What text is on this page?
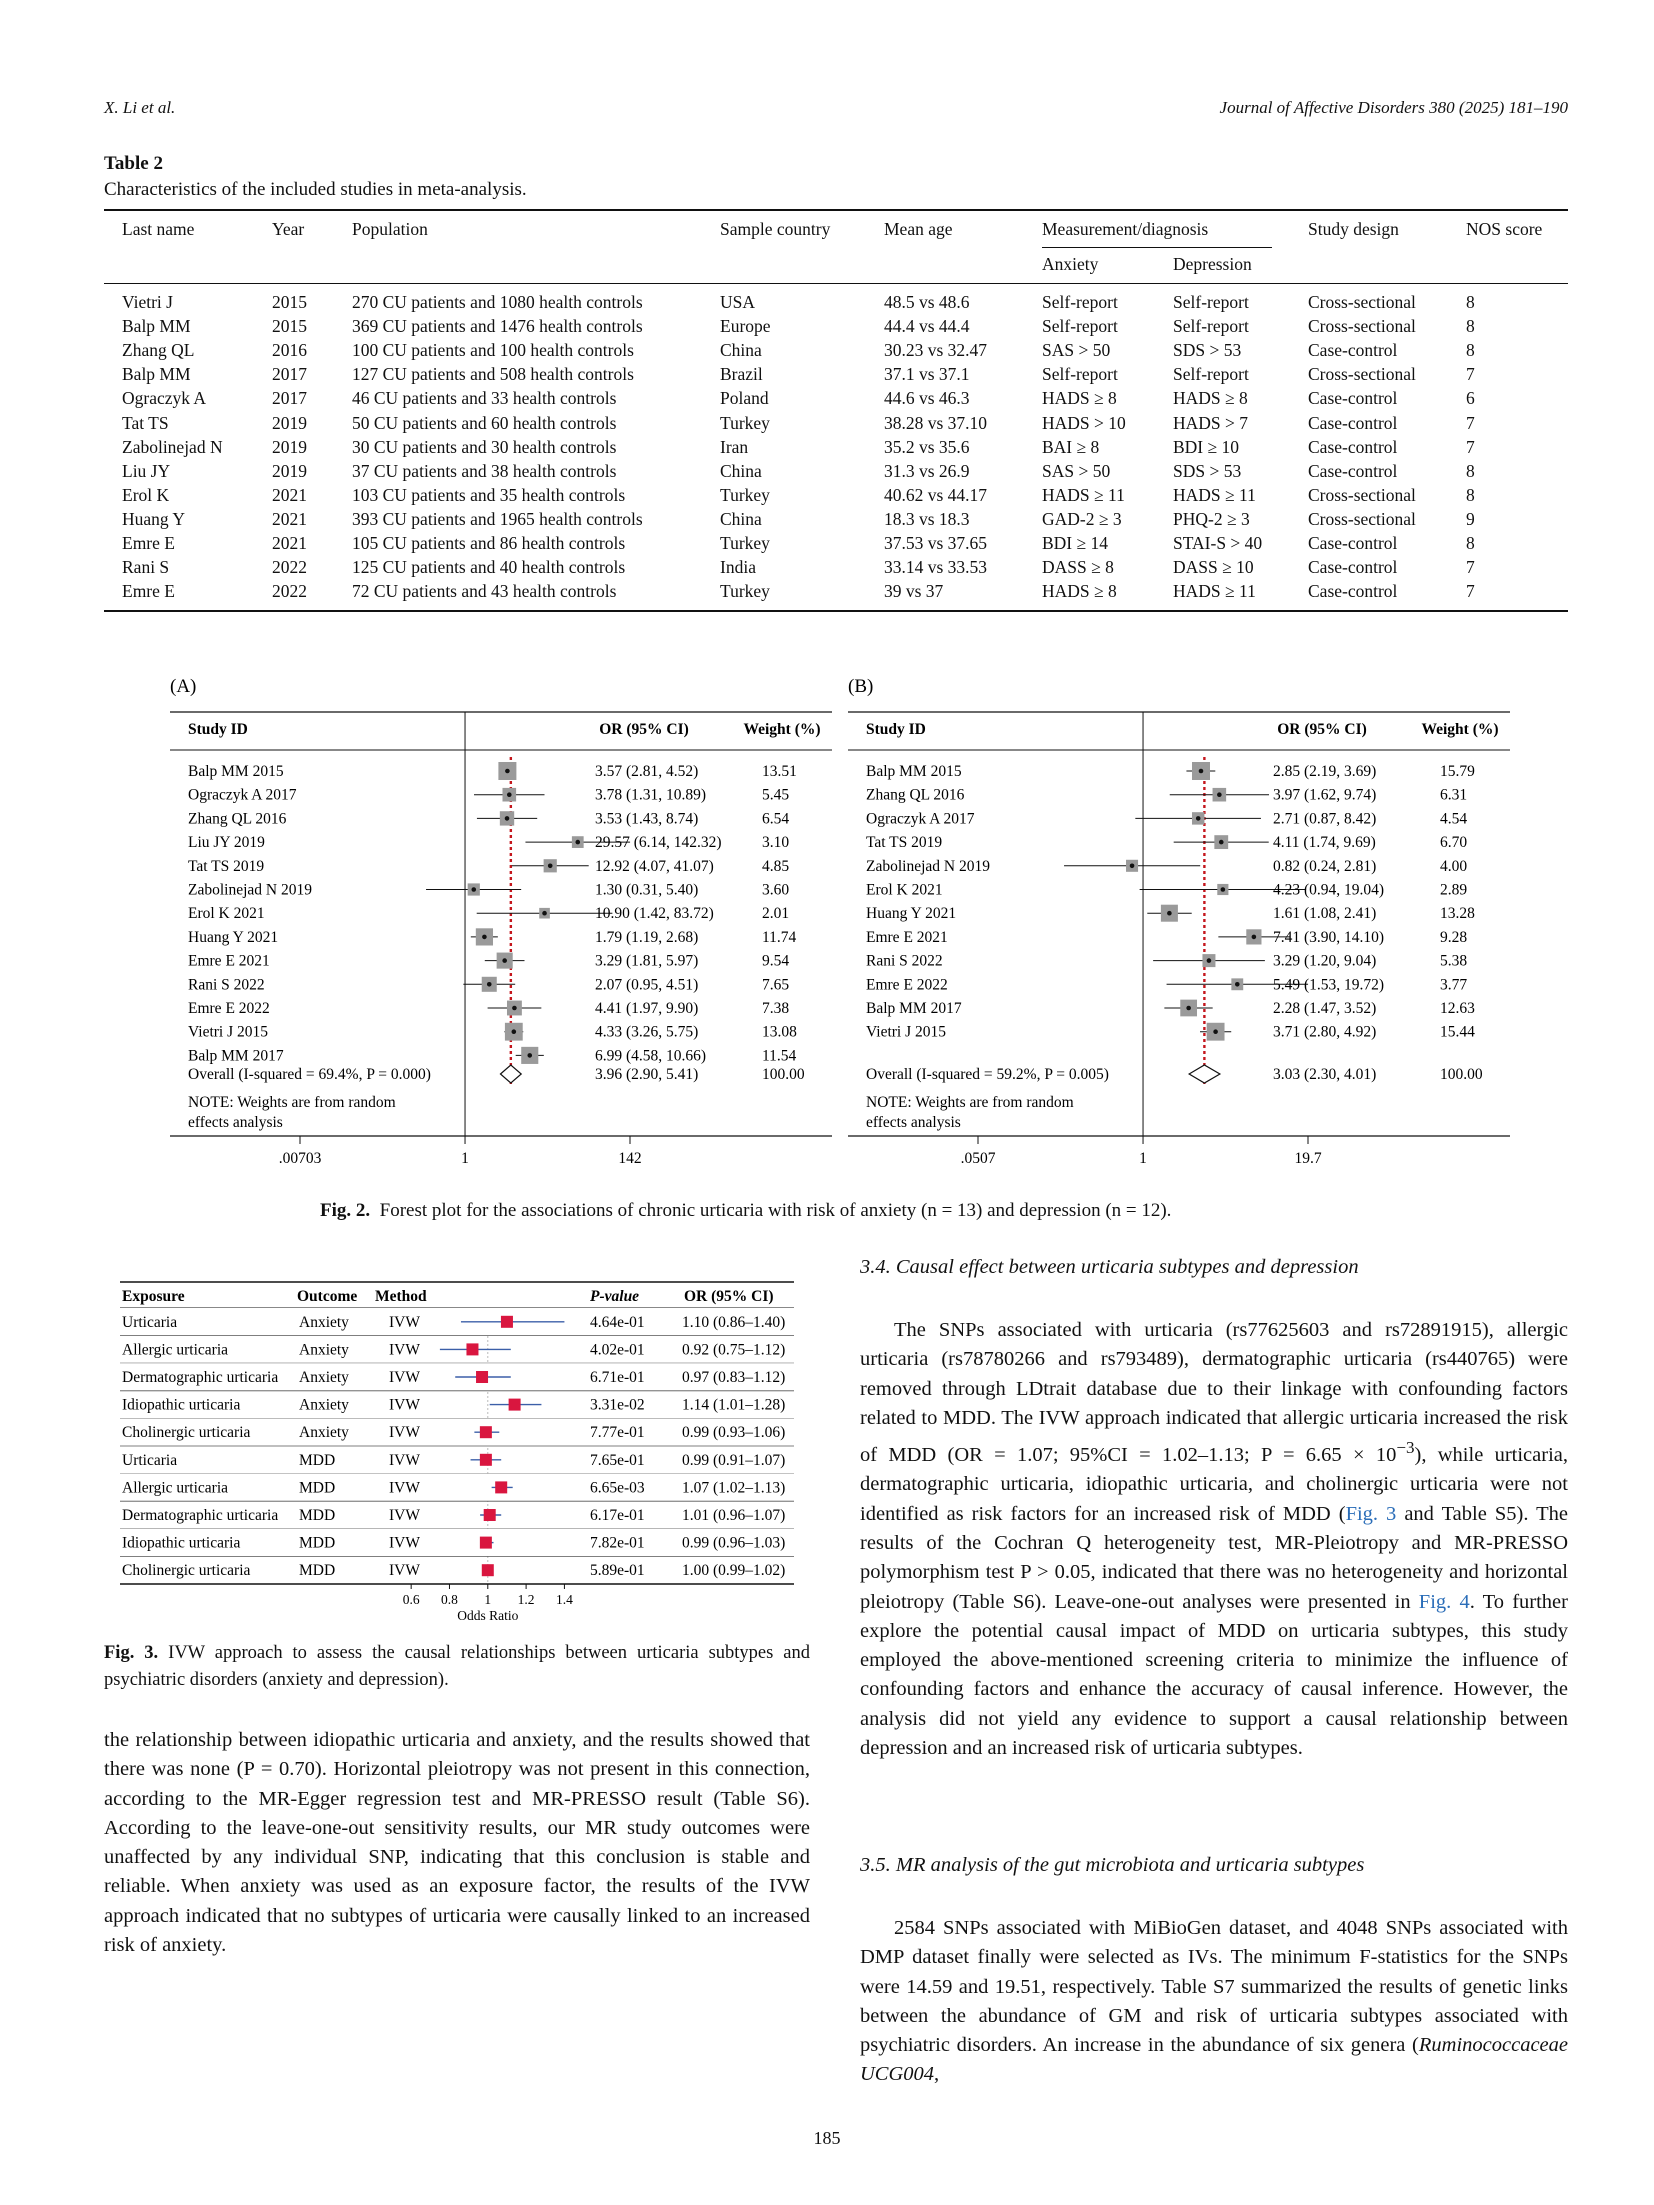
X. Li et al.	Journal of Affective Disorders 380 (2025) 181–190
Table 2
Characteristics of the included studies in meta-analysis.
Last name	Year	Population	Sample country	Mean age	Measurement/diagnosis	Study design	NOS score
Anxiety	Depression
Vietri J	2015	270 CU patients and 1080 health controls	USA	48.5 vs 48.6	Self-report	Self-report	Cross-sectional	8
Balp MM	2015	369 CU patients and 1476 health controls	Europe	44.4 vs 44.4	Self-report	Self-report	Cross-sectional	8
Zhang QL	2016	100 CU patients and 100 health controls	China	30.23 vs 32.47	SAS > 50	SDS > 53	Case-control	8
Balp MM	2017	127 CU patients and 508 health controls	Brazil	37.1 vs 37.1	Self-report	Self-report	Cross-sectional	7
Ograczyk A	2017	46 CU patients and 33 health controls	Poland	44.6 vs 46.3	HADS ≥ 8	HADS ≥ 8	Case-control	6
Tat TS	2019	50 CU patients and 60 health controls	Turkey	38.28 vs 37.10	HADS > 10	HADS > 7	Case-control	7
Zabolinejad N	2019	30 CU patients and 30 health controls	Iran	35.2 vs 35.6	BAI ≥ 8	BDI ≥ 10	Case-control	7
Liu JY	2019	37 CU patients and 38 health controls	China	31.3 vs 26.9	SAS > 50	SDS > 53	Case-control	8
Erol K	2021	103 CU patients and 35 health controls	Turkey	40.62 vs 44.17	HADS ≥ 11	HADS ≥ 11	Cross-sectional	8
Huang Y	2021	393 CU patients and 1965 health controls	China	18.3 vs 18.3	GAD-2 ≥ 3	PHQ-2 ≥ 3	Cross-sectional	9
Emre E	2021	105 CU patients and 86 health controls	Turkey	37.53 vs 37.65	BDI ≥ 14	STAI-S > 40	Case-control	8
Rani S	2022	125 CU patients and 40 health controls	India	33.14 vs 33.53	DASS ≥ 8	DASS ≥ 10	Case-control	7
Emre E	2022	72 CU patients and 43 health controls	Turkey	39 vs 37	HADS ≥ 8	HADS ≥ 11	Case-control	7
(A)
Study ID	OR (95% CI)	Weight (%)
Balp MM 2015	3.57 (2.81, 4.52)	13.51
Ograczyk A 2017	3.78 (1.31, 10.89)	5.45
Zhang QL 2016	3.53 (1.43, 8.74)	6.54
Liu JY 2019	29.57 (6.14, 142.32)	3.10
Tat TS 2019	12.92 (4.07, 41.07)	4.85
Zabolinejad N 2019	1.30 (0.31, 5.40)	3.60
Erol K 2021	10.90 (1.42, 83.72)	2.01
Huang Y 2021	1.79 (1.19, 2.68)	11.74
Emre E 2021	3.29 (1.81, 5.97)	9.54
Rani S 2022	2.07 (0.95, 4.51)	7.65
Emre E 2022	4.41 (1.97, 9.90)	7.38
Vietri J 2015	4.33 (3.26, 5.75)	13.08
Balp MM 2017	6.99 (4.58, 10.66)	11.54
Overall (I-squared = 69.4%, P = 0.000)	3.96 (2.90, 5.41)	100.00
NOTE: Weights are from random
effects analysis
.00703	1	142
(B)
Study ID	OR (95% CI)	Weight (%)
Balp MM 2015	2.85 (2.19, 3.69)	15.79
Zhang QL 2016	3.97 (1.62, 9.74)	6.31
Ograczyk A 2017	2.71 (0.87, 8.42)	4.54
Tat TS 2019	4.11 (1.74, 9.69)	6.70
Zabolinejad N 2019	0.82 (0.24, 2.81)	4.00
Erol K 2021	4.23 (0.94, 19.04)	2.89
Huang Y 2021	1.61 (1.08, 2.41)	13.28
Emre E 2021	7.41 (3.90, 14.10)	9.28
Rani S 2022	3.29 (1.20, 9.04)	5.38
Emre E 2022	5.49 (1.53, 19.72)	3.77
Balp MM 2017	2.28 (1.47, 3.52)	12.63
Vietri J 2015	3.71 (2.80, 4.92)	15.44
Overall (I-squared = 59.2%, P = 0.005)	3.03 (2.30, 4.01)	100.00
NOTE: Weights are from random
effects analysis
.0507	1	19.7
Fig. 2. Forest plot for the associations of chronic urticaria with risk of anxiety (n = 13) and depression (n = 12).
Exposure	Outcome Method	P-value	OR (95% CI)
Urticaria	Anxiety	IVW	4.64e-01 1.10 (0.86–1.40)
Allergic urticaria	Anxiety	IVW	4.02e-01 0.92 (0.75–1.12)
Dermatographic urticaria Anxiety	IVW	6.71e-01 0.97 (0.83–1.12)
Idiopathic urticaria	Anxiety	IVW	3.31e-02 1.14 (1.01–1.28)
Cholinergic urticaria	Anxiety	IVW	7.77e-01 0.99 (0.93–1.06)
Urticaria	MDD	IVW	7.65e-01 0.99 (0.91–1.07)
Allergic urticaria	MDD	IVW	6.65e-03 1.07 (1.02–1.13)
Dermatographic urticaria MDD	IVW	6.17e-01 1.01 (0.96–1.07)
Idiopathic urticaria	MDD	IVW	7.82e-01 0.99 (0.96–1.03)
Cholinergic urticaria	MDD	IVW	5.89e-01 1.00 (0.99–1.02)
0.6 0.8 1 1.2 1.4
Odds Ratio
Fig. 3. IVW approach to assess the causal relationships between urticaria subtypes and psychiatric disorders (anxiety and depression).
the relationship between idiopathic urticaria and anxiety, and the results showed that there was none (P = 0.70). Horizontal pleiotropy was not present in this connection, according to the MR-Egger regression test and MR-PRESSO result (Table S6). According to the leave-one-out sensitivity results, our MR study outcomes were unaffected by any individual SNP, indicating that this conclusion is stable and reliable. When anxiety was used as an exposure factor, the results of the IVW approach indicated that no subtypes of urticaria were causally linked to an increased risk of anxiety.
3.4. Causal effect between urticaria subtypes and depression

The SNPs associated with urticaria (rs77625603 and rs72891915), allergic urticaria (rs78780266 and rs793489), dermatographic urticaria (rs440765) were removed through LDtrait database due to their linkage with confounding factors related to MDD. The IVW approach indicated that allergic urticaria increased the risk of MDD (OR = 1.07; 95%CI = 1.02–1.13; $P = 6.65 \times 10^{-3}$), while urticaria, dermatographic urticaria, idiopathic urticaria, and cholinergic urticaria were not identified as risk factors for an increased risk of MDD (Fig. 3 and Table S5). The results of the Cochran Q heterogeneity test, MR-Pleiotropy and MR-PRESSO polymorphism test P > 0.05, indicated that there was no heterogeneity and horizontal pleiotropy (Table S6). Leave-one-out analyses were presented in Fig. 4. To further explore the potential causal impact of MDD on urticaria subtypes, this study employed the above-mentioned screening criteria to minimize the influence of confounding factors and enhance the accuracy of causal inference. However, the analysis did not yield any evidence to support a causal relationship between depression and an increased risk of urticaria subtypes.

3.5. MR analysis of the gut microbiota and urticaria subtypes

2584 SNPs associated with MiBioGen dataset, and 4048 SNPs associated with DMP dataset finally were selected as IVs. The minimum F-statistics for the SNPs were 14.59 and 19.51, respectively. Table S7 summarized the results of genetic links between the abundance of GM and risk of urticaria subtypes associated with psychiatric disorders. An increase in the abundance of six genera (Ruminococcaceae UCG004,

185
